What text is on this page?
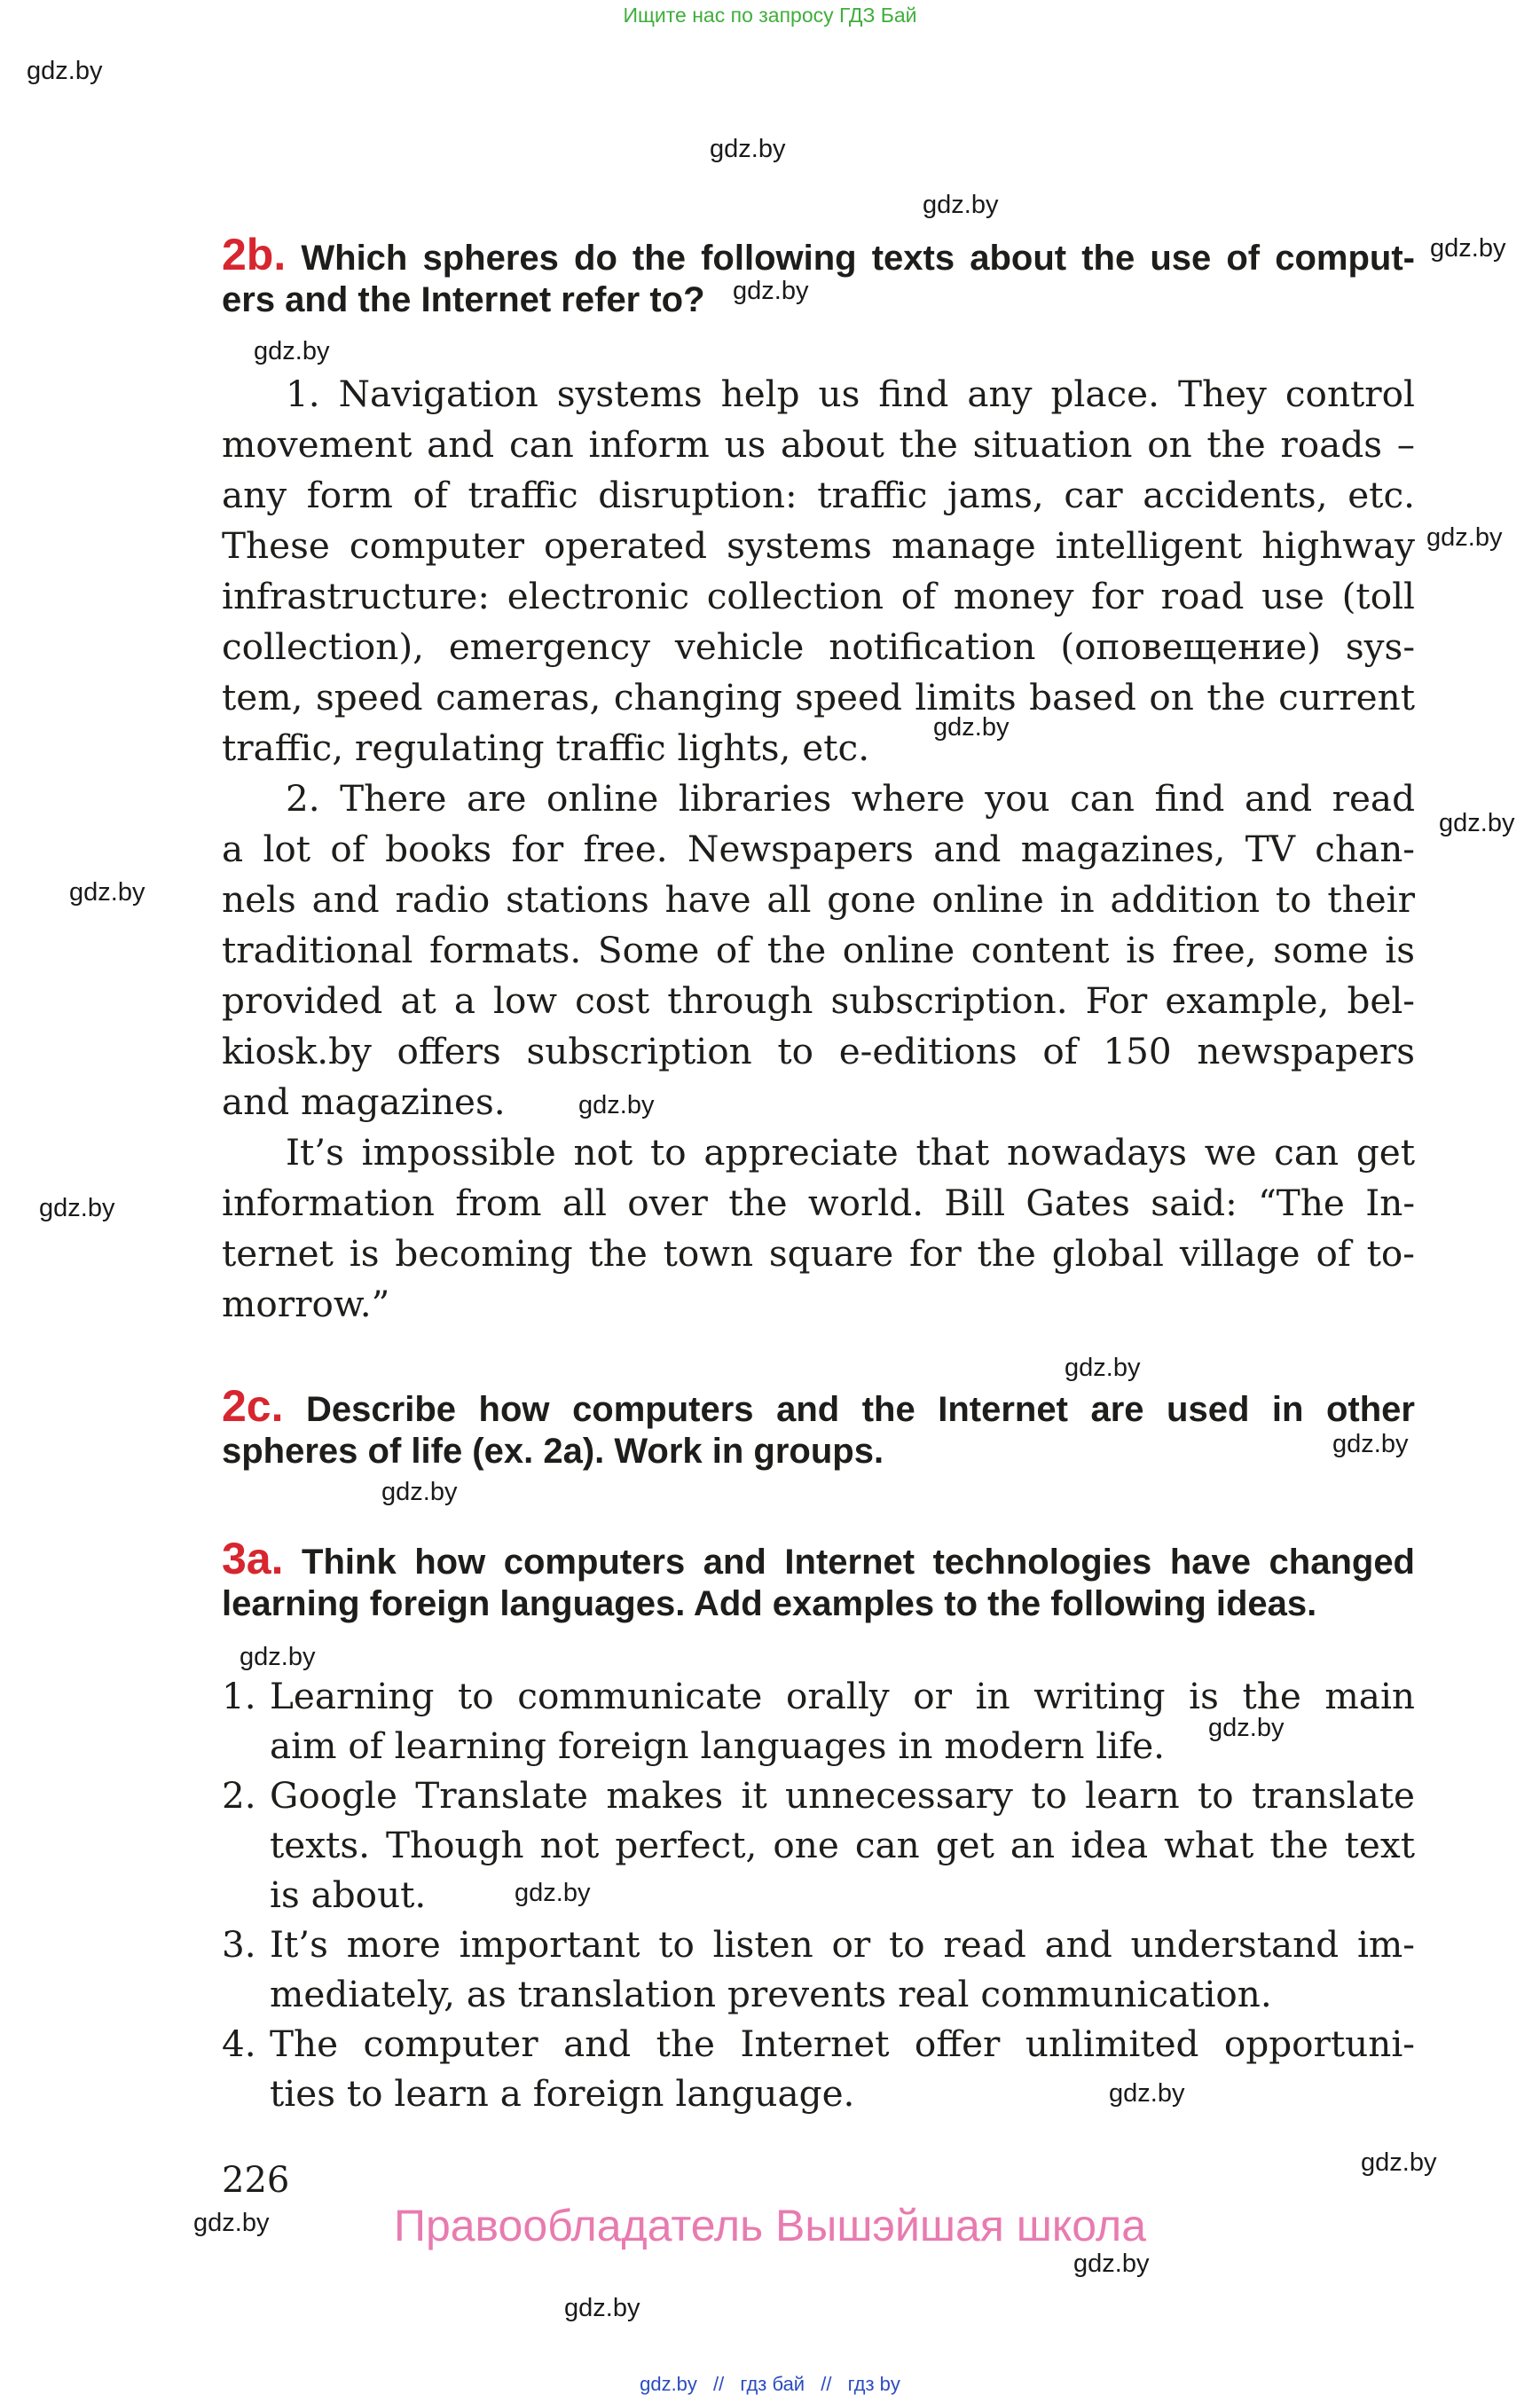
Ищите нас по запросу ГДЗ Бай
gdz.by
gdz.by
gdz.by
gdz.by
gdz.by
gdz.by
gdz.by
gdz.by
gdz.by
gdz.by
gdz.by
gdz.by
gdz.by
gdz.by
gdz.by
gdz.by
gdz.by
gdz.by
gdz.by
gdz.by
gdz.by
gdz.by
gdz.by
2b. Which spheres do the following texts about the use of comput-
ers and the Internet refer to?

1. Navigation systems help us find any place. They control

movement and can inform us about the situation on the roads –

any form of traffic disruption: traffic jams, car accidents, etc.

These computer operated systems manage intelligent highway

infrastructure: electronic collection of money for road use (toll

collection), emergency vehicle notification (оповещение) sys-

tem, speed cameras, changing speed limits based on the current

traffic, regulating traffic lights, etc.

2. There are online libraries where you can find and read

a lot of books for free. Newspapers and magazines, TV chan-

nels and radio stations have all gone online in addition to their

traditional formats. Some of the online content is free, some is

provided at a low cost through subscription. For example, bel-

kiosk.by offers subscription to e-editions of 150 newspapers

and magazines.

It’s impossible not to appreciate that nowadays we can get

information from all over the world. Bill Gates said: “The In-

ternet is becoming the town square for the global village of to-

morrow.”

2c. Describe how computers and the Internet are used in other
spheres of life (ex. 2a). Work in groups.
3a. Think how computers and Internet technologies have changed
learning foreign languages. Add examples to the following ideas.
1. Learning to communicate orally or in writing is the main

aim of learning foreign languages in modern life.

2. Google Translate makes it unnecessary to learn to translate

texts. Though not perfect, one can get an idea what the text

is about.

3. It’s more important to listen or to read and understand im-

mediately, as translation prevents real communication.

4. The computer and the Internet offer unlimited opportuni-

ties to learn a foreign language.

226
Правообладатель Вышэйшая школа
gdz.by // гдз бай // гдз by
